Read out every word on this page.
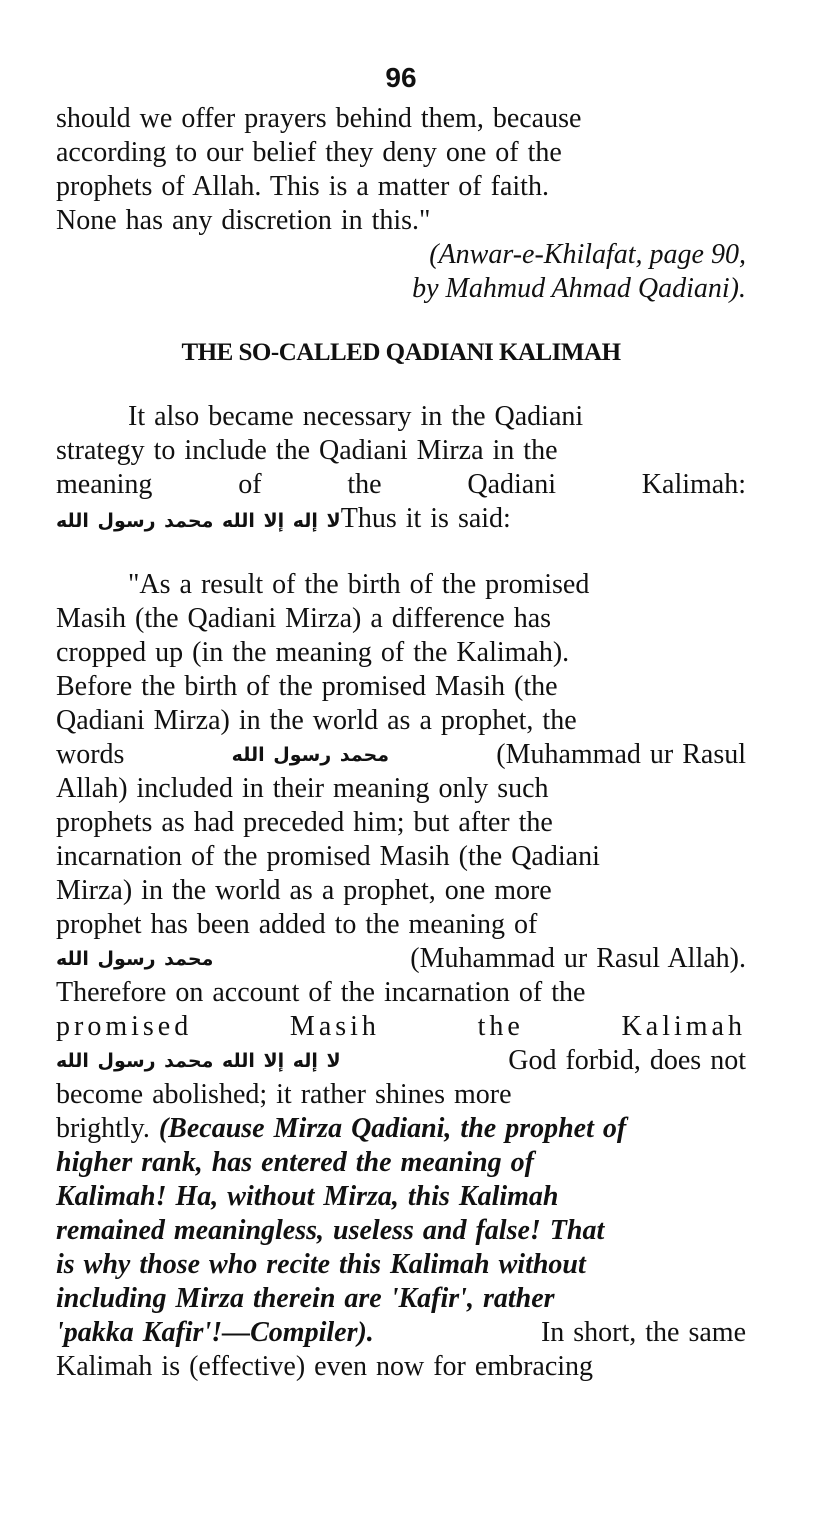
96
should we offer prayers behind them, because
according to our belief they deny one of the
prophets of Allah. This is a matter of faith.
None has any discretion in this."
(Anwar-e-Khilafat, page 90,
by Mahmud Ahmad Qadiani).
THE SO-CALLED QADIANI KALIMAH
It also became necessary in the Qadiani
strategy to include the Qadiani Mirza in the
meaning	of	the	Qadiani	Kalimah:
لا إله إلا الله محمد رسول اللهThus it is said:
"As a result of the birth of the promised
Masih (the Qadiani Mirza) a difference has
cropped up (in the meaning of the Kalimah).
Before the birth of the promised Masih (the
Qadiani Mirza) in the world as a prophet, the
words	محمد رسول الله	(Muhammad ur Rasul
Allah) included in their meaning only such
prophets as had preceded him; but after the
incarnation of the promised Masih (the Qadiani
Mirza) in the world as a prophet, one more
prophet has been added to the meaning of
محمد رسول الله	(Muhammad ur Rasul Allah).
Therefore on account of the incarnation of the
promised	Masih	the	Kalimah
لا إله إلا الله محمد رسول الله	God forbid, does not
become abolished; it rather shines more
brightly. (Because Mirza Qadiani, the prophet of
higher rank, has entered the meaning of
Kalimah! Ha, without Mirza, this Kalimah
remained meaningless, useless and false! That
is why those who recite this Kalimah without
including Mirza therein are 'Kafir', rather
'pakka Kafir'!—Compiler).	In short, the same
Kalimah is (effective) even now for embracing
